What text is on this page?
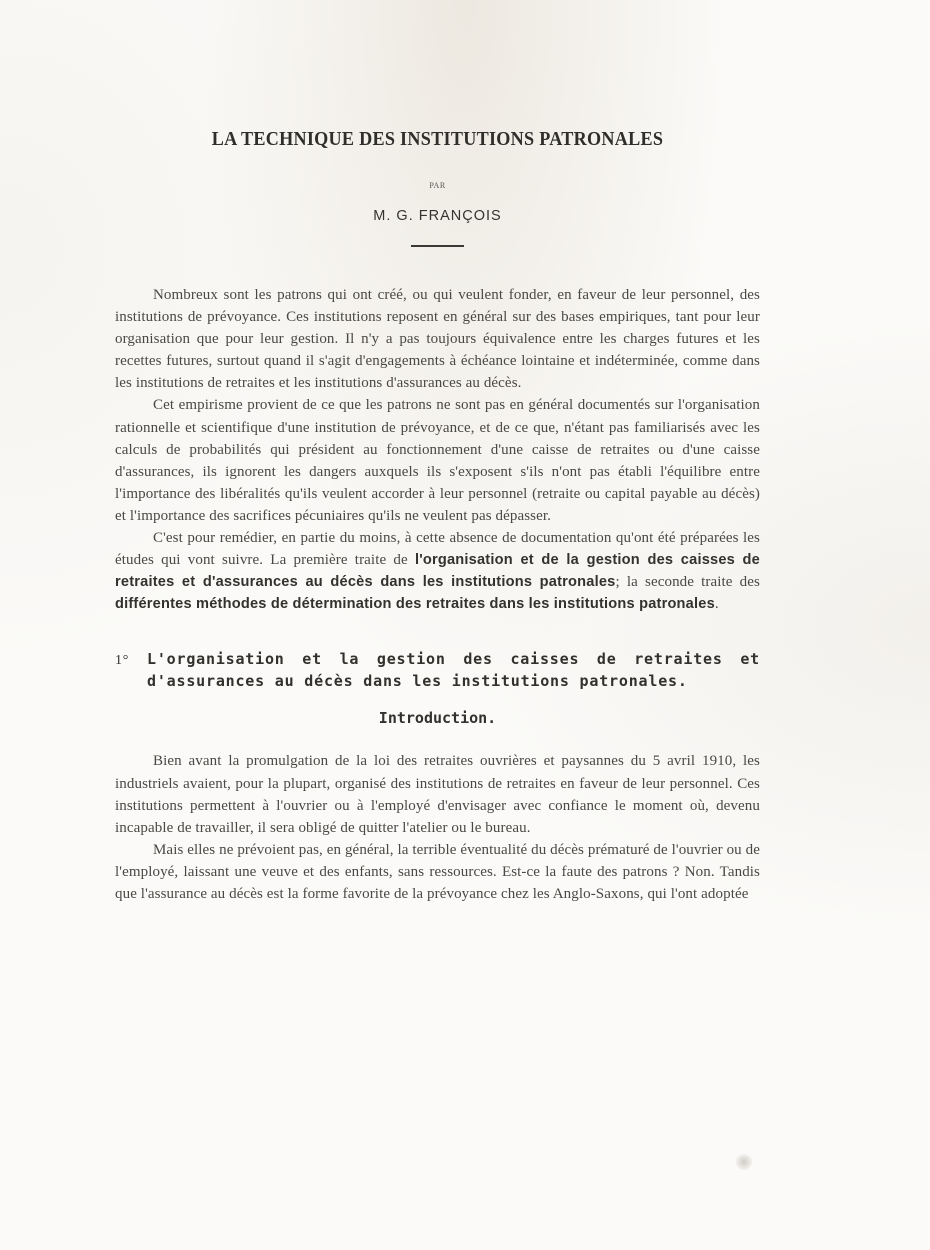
LA TECHNIQUE DES INSTITUTIONS PATRONALES
PAR
M. G. FRANÇOIS

Nombreux sont les patrons qui ont créé, ou qui veulent fonder, en faveur de leur personnel, des institutions de prévoyance. Ces institutions reposent en général sur des bases empiriques, tant pour leur organisation que pour leur gestion. Il n'y a pas toujours équivalence entre les charges futures et les recettes futures, surtout quand il s'agit d'engagements à échéance lointaine et indéterminée, comme dans les institutions de retraites et les institutions d'assurances au décès.

Cet empirisme provient de ce que les patrons ne sont pas en général documentés sur l'organisation rationnelle et scientifique d'une institution de prévoyance, et de ce que, n'étant pas familiarisés avec les calculs de probabilités qui président au fonctionnement d'une caisse de retraites ou d'une caisse d'assurances, ils ignorent les dangers auxquels ils s'exposent s'ils n'ont pas établi l'équilibre entre l'importance des libéralités qu'ils veulent accorder à leur personnel (retraite ou capital payable au décès) et l'importance des sacrifices pécuniaires qu'ils ne veulent pas dépasser.

C'est pour remédier, en partie du moins, à cette absence de documentation qu'ont été préparées les études qui vont suivre. La première traite de l'organisation et de la gestion des caisses de retraites et d'assurances au décès dans les institutions patronales; la seconde traite des différentes méthodes de détermination des retraites dans les institutions patronales.

1° L'organisation et la gestion des caisses de retraites et d'assurances au décès dans les institutions patronales.
Introduction.

Bien avant la promulgation de la loi des retraites ouvrières et paysannes du 5 avril 1910, les industriels avaient, pour la plupart, organisé des institutions de retraites en faveur de leur personnel. Ces institutions permettent à l'ouvrier ou à l'employé d'envisager avec confiance le moment où, devenu incapable de travailler, il sera obligé de quitter l'atelier ou le bureau.

Mais elles ne prévoient pas, en général, la terrible éventualité du décès prématuré de l'ouvrier ou de l'employé, laissant une veuve et des enfants, sans ressources. Est-ce la faute des patrons ? Non. Tandis que l'assurance au décès est la forme favorite de la prévoyance chez les Anglo-Saxons, qui l'ont adoptée
